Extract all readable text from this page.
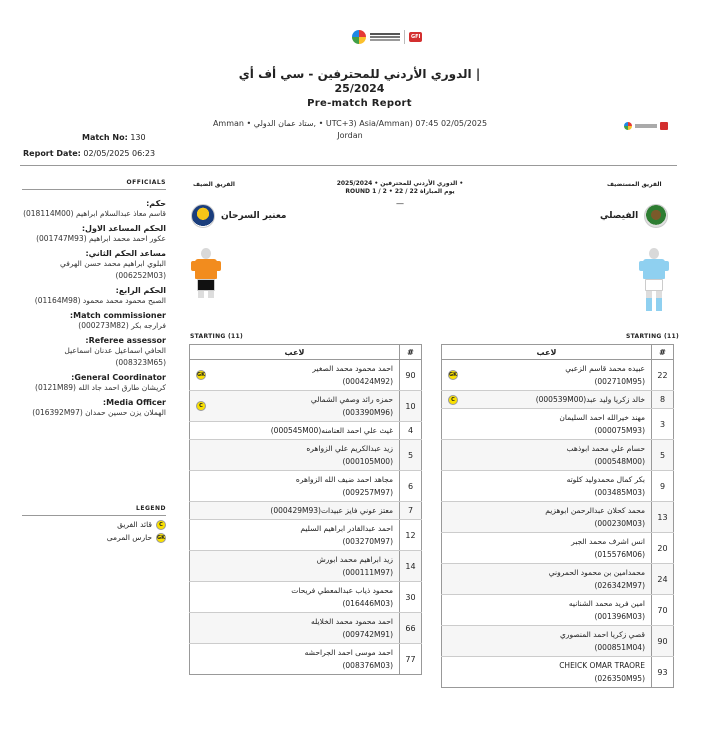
GFI
الدوري الأردني للمحترفين - سي أف أي |
25/2024
Pre-match Report
Amman • ستاد عمان الدولي, • UTC+3) Asia/Amman) 07:45 02/05/2025
Jordan
Match No: 130
Report Date: 02/05/2025 06:23
OFFICIALS
حكم:
قاسم معاذ عبدالسلام ابراهيم (018114M00)
الحكم المساعد الاول:
عكور احمد محمد ابراهيم (001747M93)
مساعد الحكم الثاني:
البلوي ابراهيم محمد حسن الهرفي (006252M03)
الحكم الرابع:
الصبح محمود محمد محمود (01164M98)
Match commissioner:
فرارجه بكر (000273M82)
Referee assessor:
الحافي اسماعيل عدنان اسماعيل (008323M65)
General Coordinator:
كريشان طارق احمد جاد الله (0121M89)
Media Officer:
الهملان يزن حسين حمدان (016392M97)
LEGEND
C
قائد الفريق
GK
حارس المرمى
الفريق المستضيف
الفريق الضيف	الدوري الأردني للمحترفين • 2025/2024 • ROUND 1 / 2 • يوم المباراة 22 / 22
—
الفيصلي
معنير السرحان
STARTING (11)
STARTING (11)
#	لاعب
22	عبيده محمد قاسم الزعبي
(002710M95)
GK

8	خالد زكريا وليد عبد(000539M00)
C

3	مهند خيرالله احمد السليمان
(000075M93)

5	حسام علي محمد ابوذهب
(000548M00)

9	بكر كمال محمدوليد كلوته
(003485M03)

13	محمد كحلان عبدالرحمن ابوهزيم
(000230M03)

20	انس اشرف محمد الجبر
(015576M06)

24	محمدامين بن محمود الحمروني
(026342M97)

70	امين فريد محمد الشنانيه
(001396M03)

90	قصي زكريا احمد المنصوري
(000851M04)

93	CHEICK OMAR TRAORE
(026350M95)
#	لاعب
90	احمد محمود محمد الصغير
(000424M92)
GK

10	حمزه رائد وصفي الشمالي
(003390M96)
C

4	غيث علي احمد العنامنه(000545M00)

5	زيد عبدالكريم علي الزواهره
(000105M00)

6	مجاهد احمد ضيف الله الزواهره
(009257M97)

7	معتز عوني فايز عبيدات(000429M93)

12	احمد عبدالقادر ابراهيم السليم
(003270M97)

14	زيد ابراهيم محمد ابورش
(000111M97)

30	محمود ذياب عبدالمعطي فريحات
(016446M03)

66	احمد محمود محمد الخلايله
(009742M91)

77	احمد موسى احمد الجراحشه
(008376M03)
